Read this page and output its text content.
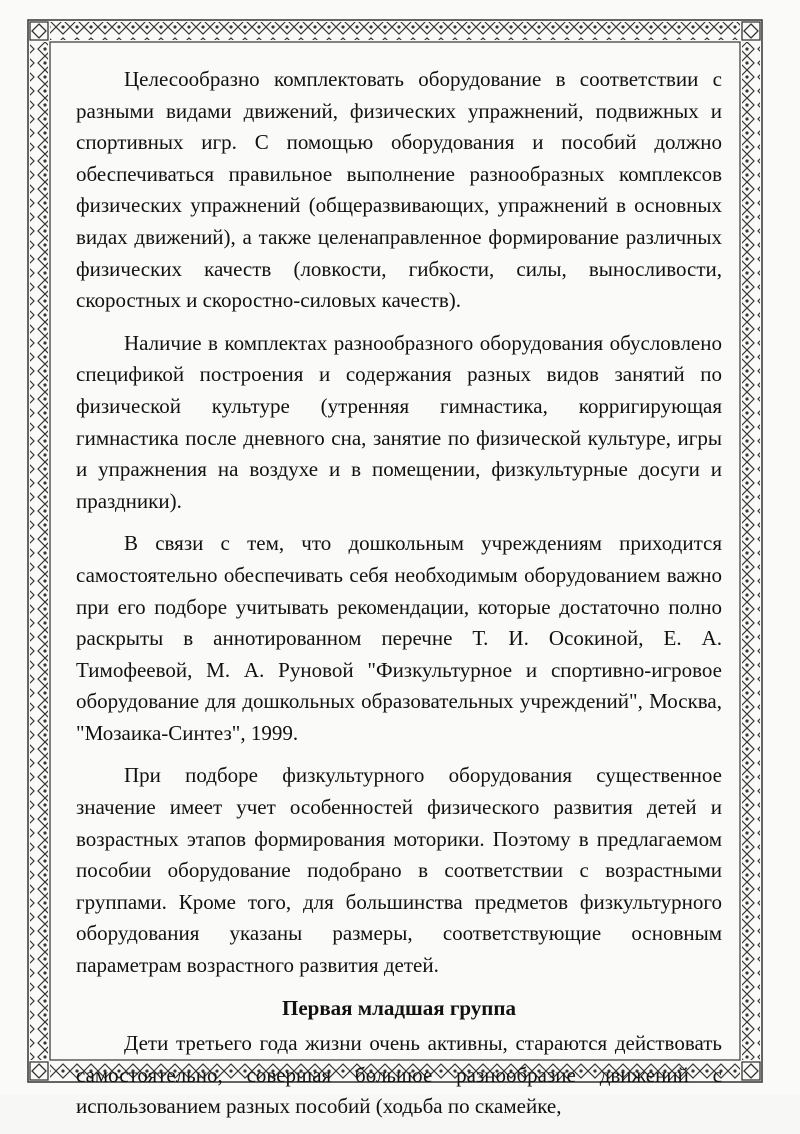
Целесообразно комплектовать оборудование в соответствии с разными видами движений, физических упражнений, подвижных и спортивных игр. С помощью оборудования и пособий должно обеспечиваться правильное выполнение разнообразных комплексов физических упражнений (общеразвивающих, упражнений в основных видах движений), а также целенаправленное формирование различных физических качеств (ловкости, гибкости, силы, выносливости, скоростных и скоростно-силовых качеств).

Наличие в комплектах разнообразного оборудования обусловлено спецификой построения и содержания разных видов занятий по физической культуре (утренняя гимнастика, корригирующая гимнастика после дневного сна, занятие по физической культуре, игры и упражнения на воздухе и в помещении, физкультурные досуги и праздники).

В связи с тем, что дошкольным учреждениям приходится самостоятельно обеспечивать себя необходимым оборудованием важно при его подборе учитывать рекомендации, которые достаточно полно раскрыты в аннотированном перечне Т. И. Осокиной, Е. А. Тимофеевой, М. А. Руновой "Физкультурное и спортивно-игровое оборудование для дошкольных образовательных учреждений", Москва, "Мозаика-Синтез", 1999.

При подборе физкультурного оборудования существенное значение имеет учет особенностей физического развития детей и возрастных этапов формирования моторики. Поэтому в предлагаемом пособии оборудование подобрано в соответствии с возрастными группами. Кроме того, для большинства предметов физкультурного оборудования указаны размеры, соответствующие основным параметрам возрастного развития детей.

Первая младшая группа

Дети третьего года жизни очень активны, стараются действовать самостоятельно, совершая большое разнообразие движений с использованием разных пособий (ходьба по скамейке,
